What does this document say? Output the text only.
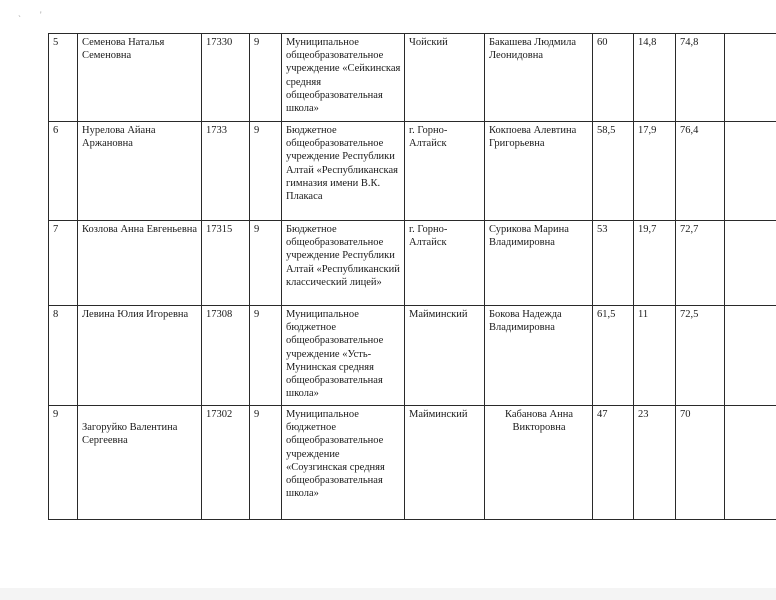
` '
5	Семенова Наталья Семеновна	17330	9	Муниципальное общеобразовательное учреждение «Сейкинская средняя общеобразовательная школа»	Чойский	Бакашева Людмила Леонидовна	60	14,8	74,8	
6	Нурелова Айана Аржановна	1733	9	Бюджетное общеобразовательное учреждение Республики Алтай «Республиканская гимназия имени В.К. Плакаса	г. Горно-Алтайск	Кокпоева Алевтина Григорьевна	58,5	17,9	76,4	
7	Козлова Анна Евгеньевна	17315	9	Бюджетное общеобразовательное учреждение Республики Алтай «Республиканский классический лицей»	г. Горно-Алтайск	Сурикова Марина Владимировна	53	19,7	72,7	
8	Левина Юлия Игоревна	17308	9	Муниципальное бюджетное общеобразовательное учреждение «Усть-Мунинская средняя общеобразовательная школа»	Майминский	Бокова Надежда Владимировна	61,5	11	72,5	
9	Загоруйко Валентина Сергеевна	17302	9	Муниципальное бюджетное общеобразовательное учреждение «Соузгинская средняя общеобразовательная школа»	Майминский	Кабанова Анна Викторовна	47	23	70	
